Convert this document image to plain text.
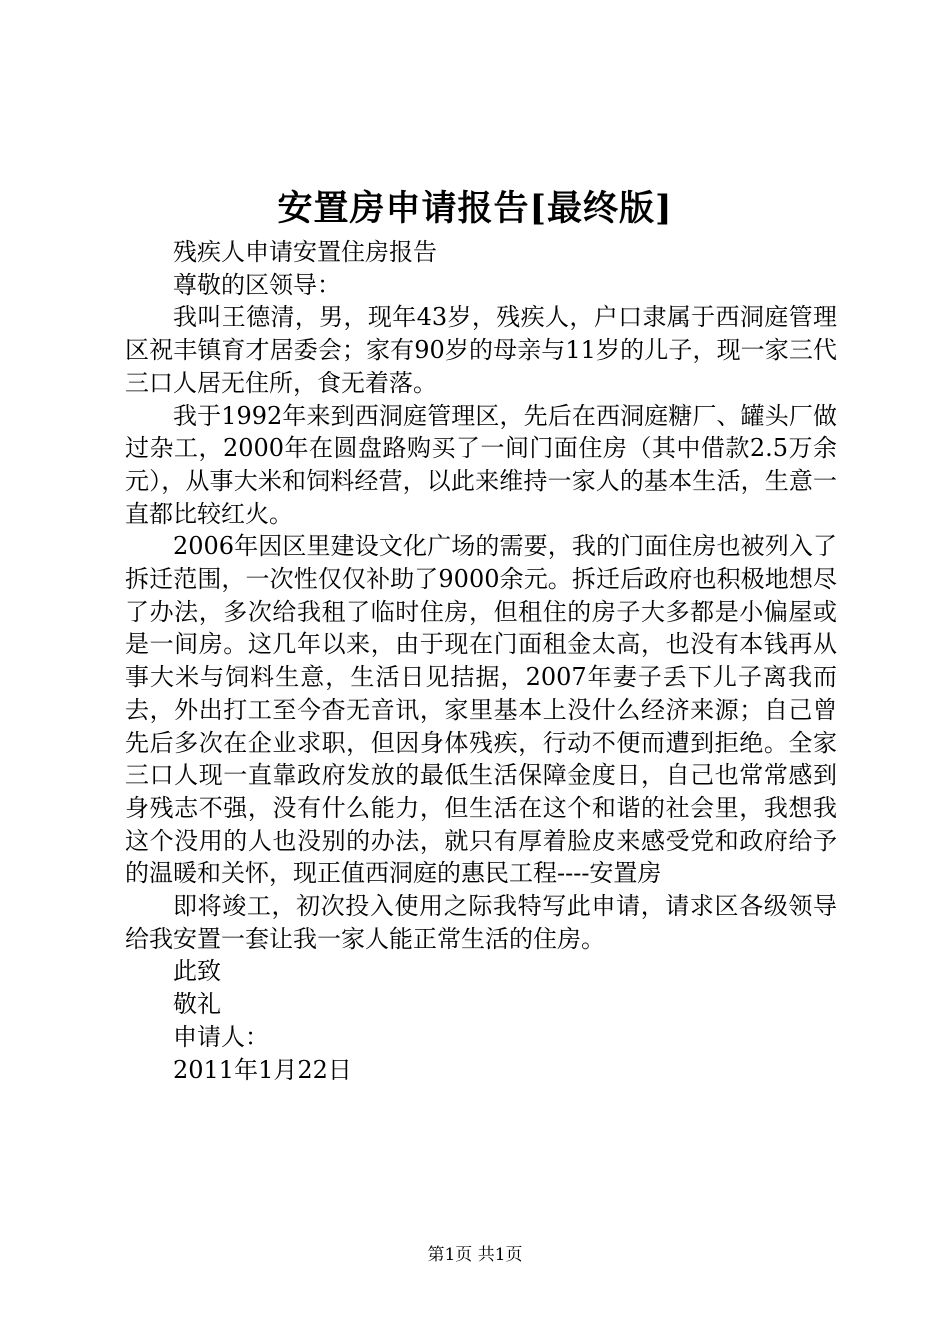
安置房申请报告[最终版]

残疾人申请安置住房报告

尊敬的区领导：

我叫王德清，男，现年43岁，残疾人，户口隶属于西洞庭管理区祝丰镇育才居委会；家有90岁的母亲与11岁的儿子，现一家三代三口人居无住所，食无着落。

我于1992年来到西洞庭管理区，先后在西洞庭糖厂、罐头厂做过杂工，2000年在圆盘路购买了一间门面住房（其中借款2.5万余元），从事大米和饲料经营，以此来维持一家人的基本生活，生意一直都比较红火。

2006年因区里建设文化广场的需要，我的门面住房也被列入了拆迁范围，一次性仅仅补助了9000余元。拆迁后政府也积极地想尽了办法，多次给我租了临时住房，但租住的房子大多都是小偏屋或是一间房。这几年以来，由于现在门面租金太高，也没有本钱再从事大米与饲料生意，生活日见拮据，2007年妻子丢下儿子离我而去，外出打工至今杳无音讯，家里基本上没什么经济来源；自己曾先后多次在企业求职，但因身体残疾，行动不便而遭到拒绝。全家三口人现一直靠政府发放的最低生活保障金度日，自己也常常感到身残志不强，没有什么能力，但生活在这个和谐的社会里，我想我这个没用的人也没别的办法，就只有厚着脸皮来感受党和政府给予的温暖和关怀，现正值西洞庭的惠民工程----安置房

即将竣工，初次投入使用之际我特写此申请，请求区各级领导给我安置一套让我一家人能正常生活的住房。

此致

敬礼

申请人：

2011年1月22日

第1页 共1页
